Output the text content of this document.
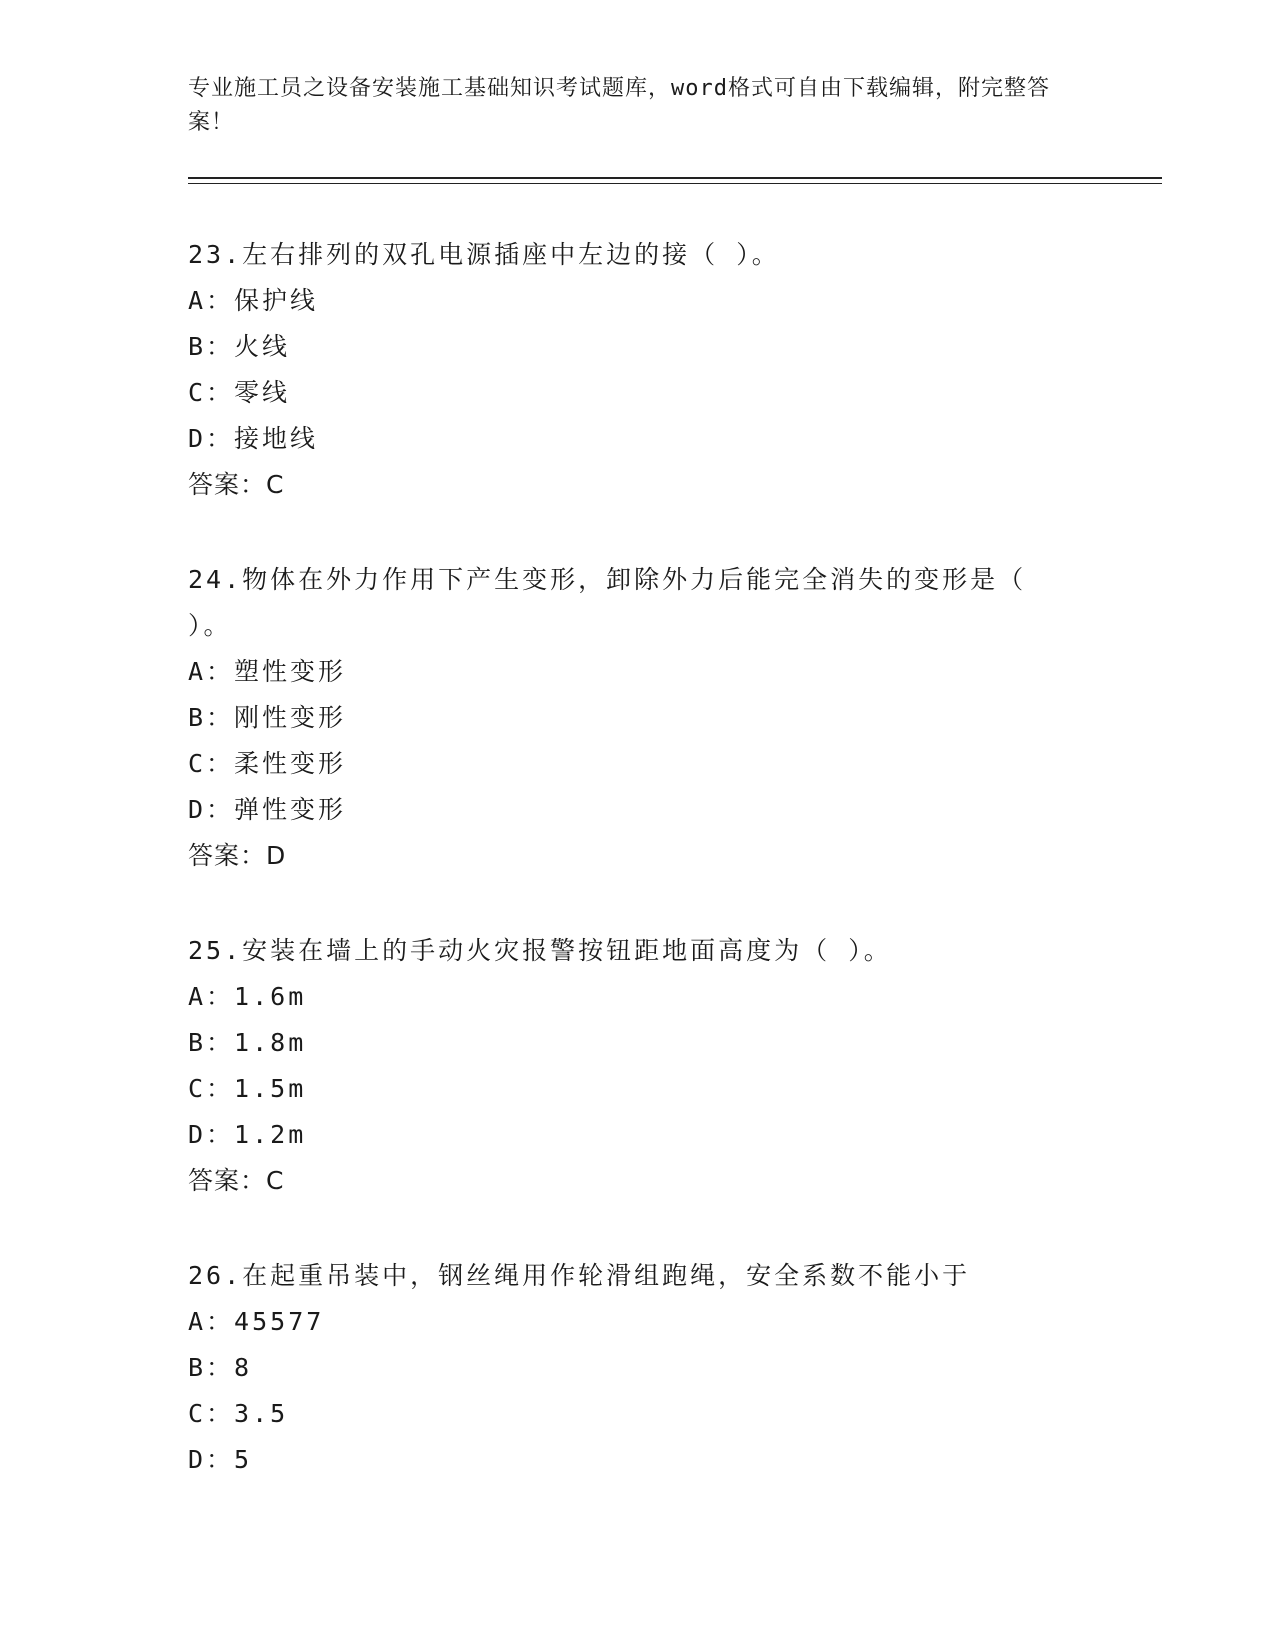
专业施工员之设备安装施工基础知识考试题库，word格式可自由下载编辑，附完整答案！
23.左右排列的双孔电源插座中左边的接（ ）。
A：保护线
B：火线
C：零线
D：接地线
答案：C
24.物体在外力作用下产生变形，卸除外力后能完全消失的变形是（ ）。
A：塑性变形
B：刚性变形
C：柔性变形
D：弹性变形
答案：D
25.安装在墙上的手动火灾报警按钮距地面高度为（ ）。
A：1.6m
B：1.8m
C：1.5m
D：1.2m
答案：C
26.在起重吊装中，钢丝绳用作轮滑组跑绳，安全系数不能小于
A：45577
B：8
C：3.5
D：5
